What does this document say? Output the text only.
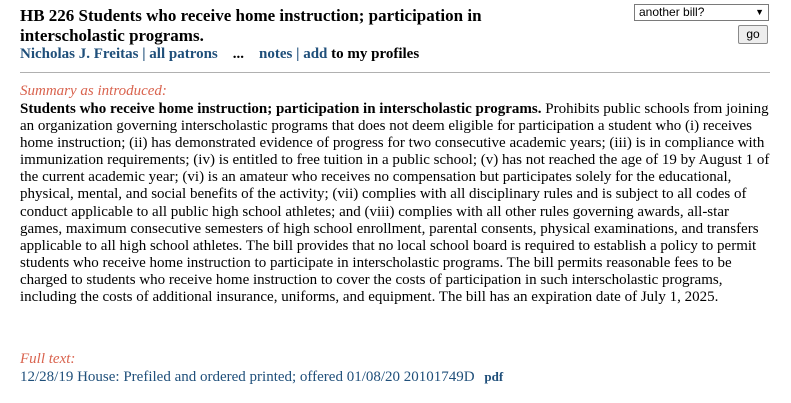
HB 226 Students who receive home instruction; participation in interscholastic programs.
Nicholas J. Freitas | all patrons ... notes | add to my profiles
another bill?	▼
go
Summary as introduced:
Students who receive home instruction; participation in interscholastic programs. Prohibits public schools from joining an organization governing interscholastic programs that does not deem eligible for participation a student who (i) receives home instruction; (ii) has demonstrated evidence of progress for two consecutive academic years; (iii) is in compliance with immunization requirements; (iv) is entitled to free tuition in a public school; (v) has not reached the age of 19 by August 1 of the current academic year; (vi) is an amateur who receives no compensation but participates solely for the educational, physical, mental, and social benefits of the activity; (vii) complies with all disciplinary rules and is subject to all codes of conduct applicable to all public high school athletes; and (viii) complies with all other rules governing awards, all-star games, maximum consecutive semesters of high school enrollment, parental consents, physical examinations, and transfers applicable to all high school athletes. The bill provides that no local school board is required to establish a policy to permit students who receive home instruction to participate in interscholastic programs. The bill permits reasonable fees to be charged to students who receive home instruction to cover the costs of participation in such interscholastic programs, including the costs of additional insurance, uniforms, and equipment. The bill has an expiration date of July 1, 2025.
Full text:
12/28/19 House: Prefiled and ordered printed; offered 01/08/20 20101749D pdf
